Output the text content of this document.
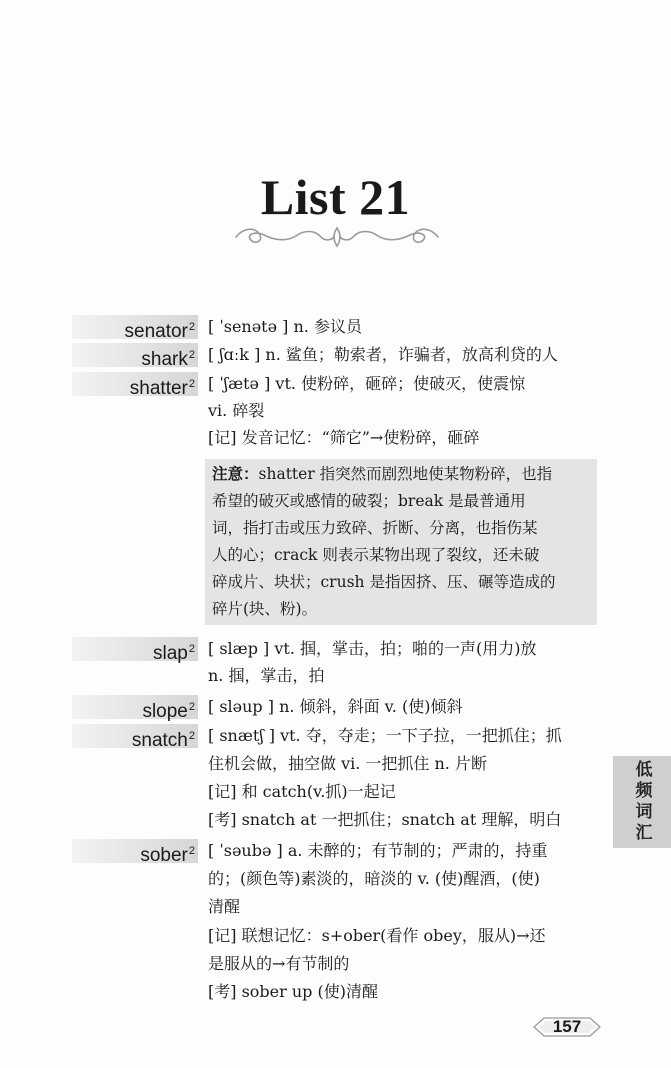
List 21
senator$^2$ [ ˈsenətə ] n. 参议员
shark$^2$ [ ʃɑːk ] n. 鲨鱼；勒索者，诈骗者，放高利贷的人
shatter$^2$ [ ˈʃætə ] vt. 使粉碎，砸碎；使破灭，使震惊
vi. 碎裂
[记] 发音记忆：“筛它”→使粉碎，砸碎
注意：shatter 指突然而剧烈地使某物粉碎，也指
希望的破灭或感情的破裂；break 是最普通用
词，指打击或压力致碎、折断、分离，也指伤某
人的心；crack 则表示某物出现了裂纹，还未破
碎成片、块状；crush 是指因挤、压、碾等造成的
碎片(块、粉)。
slap$^2$ [ slæp ] vt. 掴，掌击，拍；啪的一声(用力)放
n. 掴，掌击，拍
slope$^2$ [ sləup ] n. 倾斜，斜面 v. (使)倾斜
snatch$^2$ [ snætʃ ] vt. 夺，夺走；一下子拉，一把抓住；抓
住机会做，抽空做 vi. 一把抓住 n. 片断
[记] 和 catch(v.抓)一起记
[考] snatch at 一把抓住；snatch at 理解，明白
sober$^2$ [ ˈsəubə ] a. 未醉的；有节制的；严肃的，持重
的；(颜色等)素淡的，暗淡的 v. (使)醒酒，(使)
清醒
[记] 联想记忆：s+ober(看作 obey，服从)→还
是服从的→有节制的
[考] sober up (使)清醒
低频词汇
157
